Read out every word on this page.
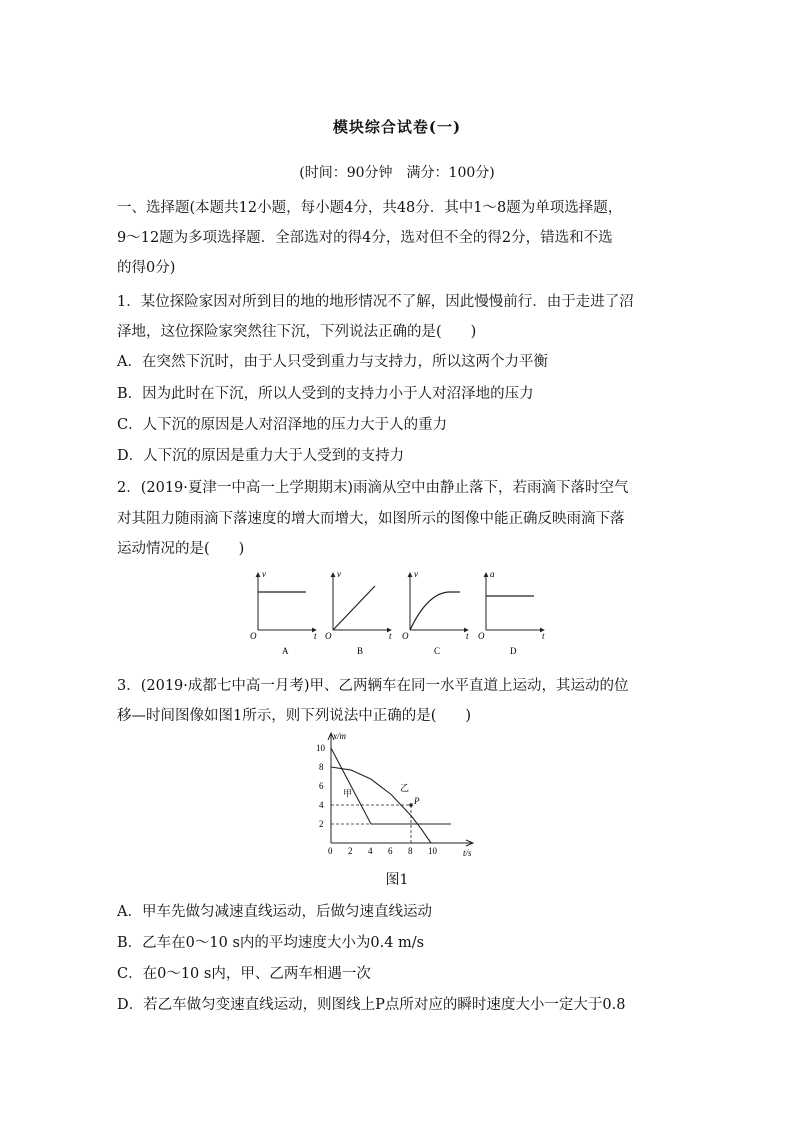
模块综合试卷(一)
(时间：90分钟　满分：100分)
一、选择题(本题共12小题，每小题4分，共48分．其中1～8题为单项选择题，
9～12题为多项选择题．全部选对的得4分，选对但不全的得2分，错选和不选
的得0分)
1．某位探险家因对所到目的地的地形情况不了解，因此慢慢前行．由于走进了沼
泽地，这位探险家突然往下沉，下列说法正确的是(　　)
A．在突然下沉时，由于人只受到重力与支持力，所以这两个力平衡
B．因为此时在下沉，所以人受到的支持力小于人对沼泽地的压力
C．人下沉的原因是人对沼泽地的压力大于人的重力
D．人下沉的原因是重力大于人受到的支持力
2．(2019·夏津一中高一上学期期末)雨滴从空中由静止落下，若雨滴下落时空气
对其阻力随雨滴下落速度的增大而增大，如图所示的图像中能正确反映雨滴下落
运动情况的是(　　)
v
t
O
A
v
t
O
B
v
t
O
C
a
t
O
D
3．(2019·成都七中高一月考)甲、乙两辆车在同一水平直道上运动，其运动的位
移—时间图像如图1所示，则下列说法中正确的是(　　)
0 2 4 6 8 10
2
4
6
8
10
x/m
t/s
甲
乙
P
图1
A．甲车先做匀减速直线运动，后做匀速直线运动
B．乙车在0～10 s内的平均速度大小为0.4 m/s
C．在0～10 s内，甲、乙两车相遇一次
D．若乙车做匀变速直线运动，则图线上P点所对应的瞬时速度大小一定大于0.8
